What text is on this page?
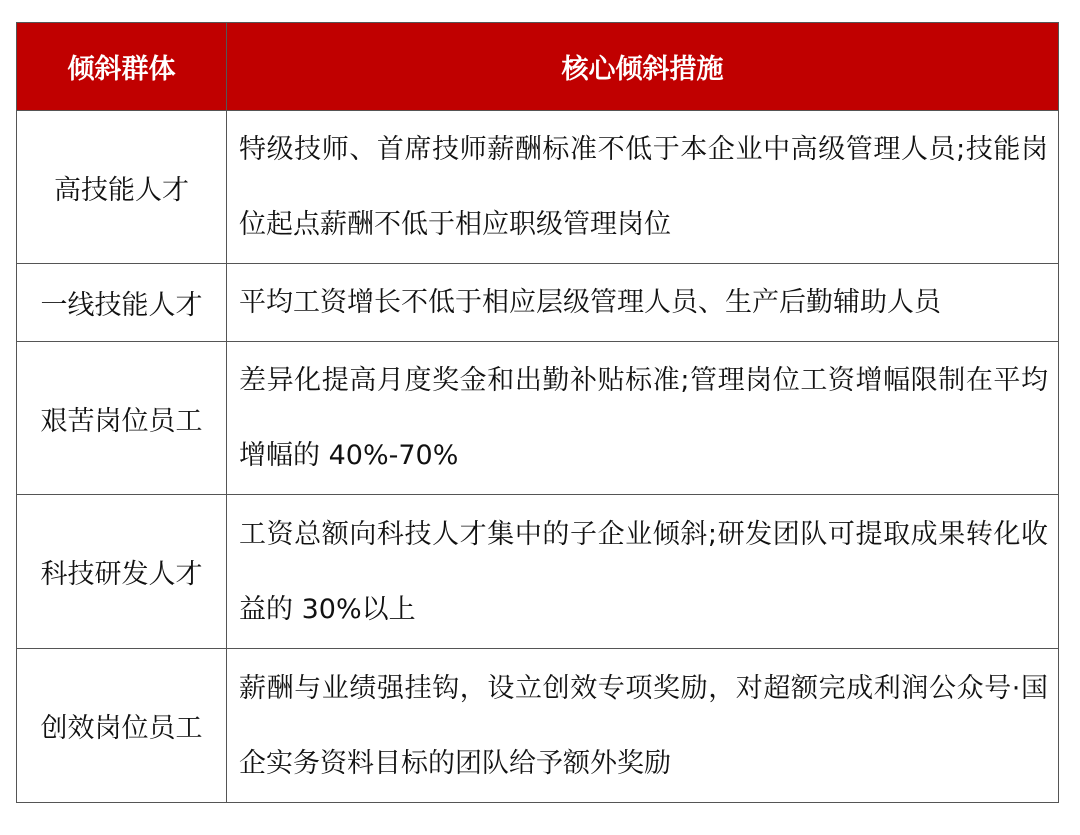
倾斜群体	核心倾斜措施
高技能人才	特级技师、首席技师薪酬标准不低于本企业中高级管理人员;技能岗位起点薪酬不低于相应职级管理岗位
一线技能人才	平均工资增长不低于相应层级管理人员、生产后勤辅助人员
艰苦岗位员工	差异化提高月度奖金和出勤补贴标准;管理岗位工资增幅限制在平均增幅的 40%-70%
科技研发人才	工资总额向科技人才集中的子企业倾斜;研发团队可提取成果转化收益的 30%以上
创效岗位员工	薪酬与业绩强挂钩，设立创效专项奖励，对超额完成利润公众号·国企实务资料目标的团队给予额外奖励
